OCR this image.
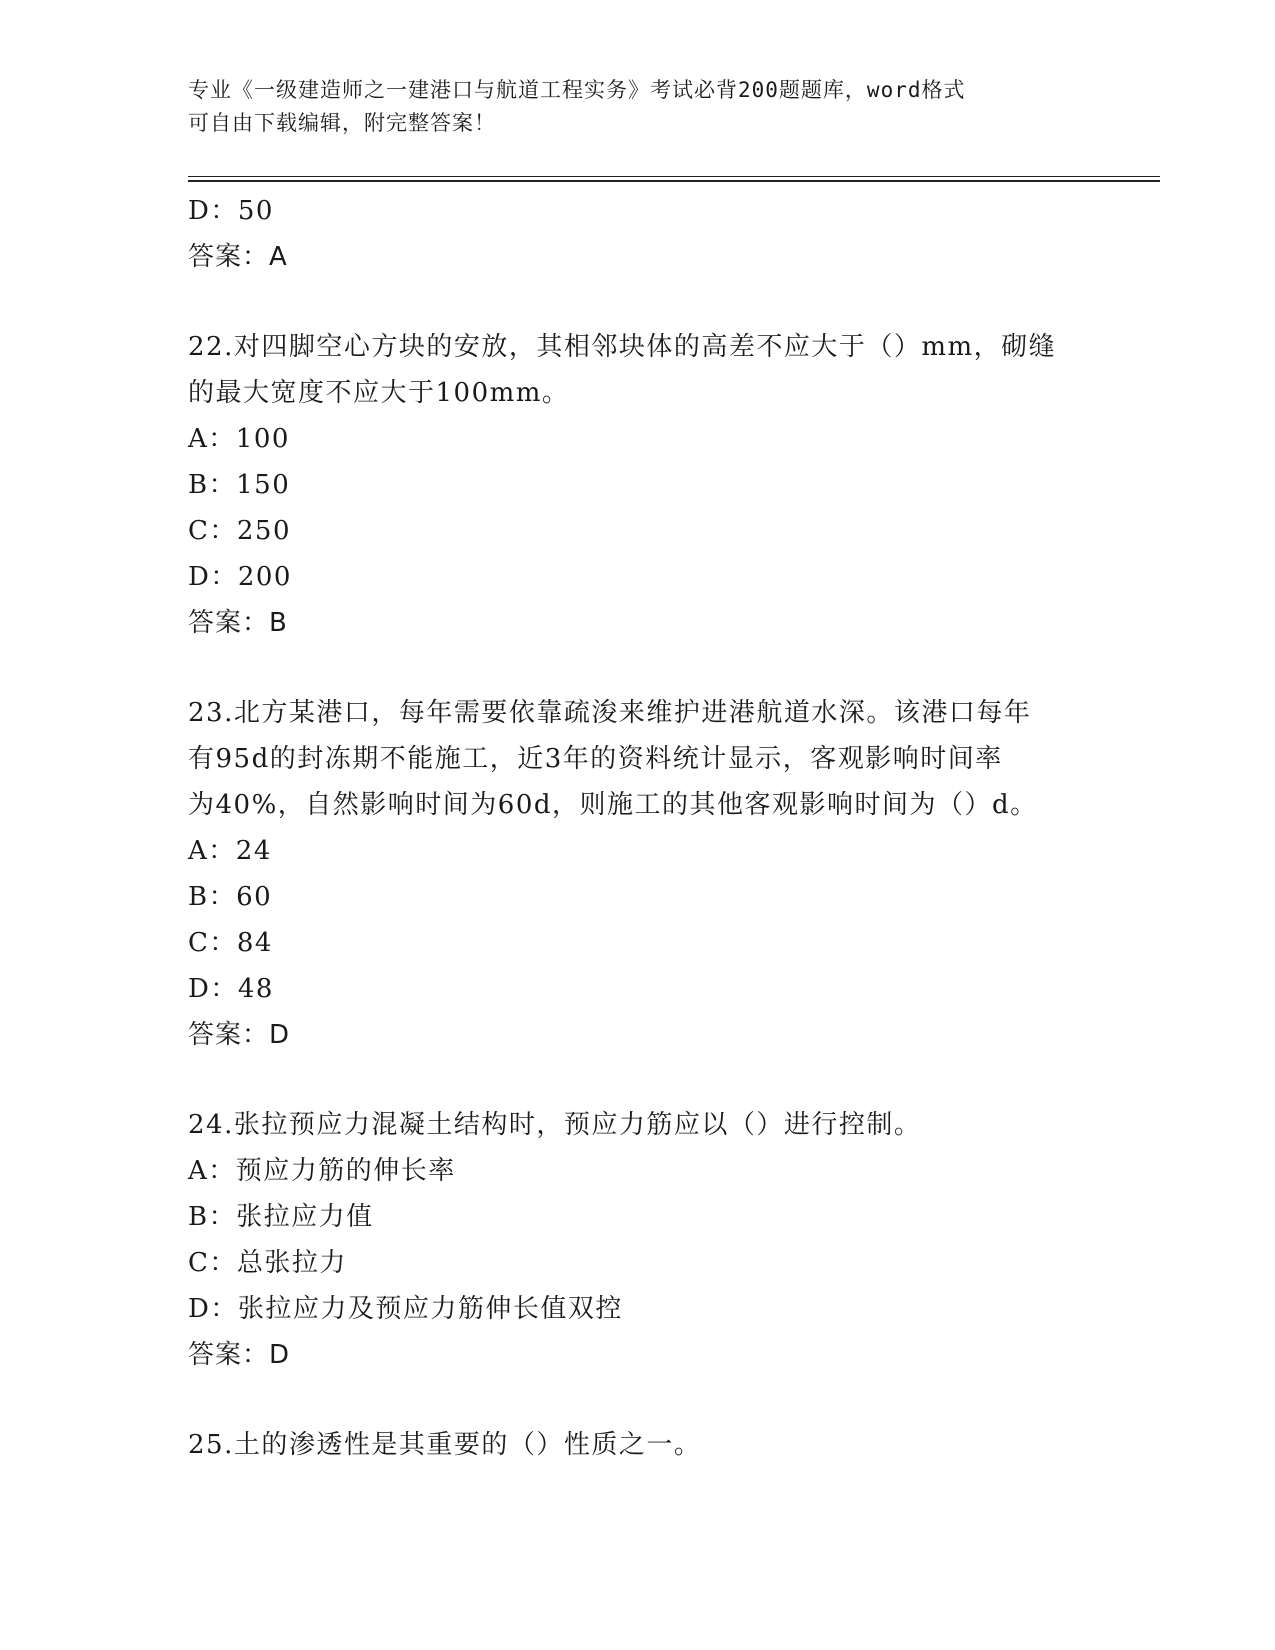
专业《一级建造师之一建港口与航道工程实务》考试必背200题题库，word格式
可自由下载编辑，附完整答案！
D：50
答案：A
22.对四脚空心方块的安放，其相邻块体的高差不应大于（）mm，砌缝
的最大宽度不应大于100mm。
A：100
B：150
C：250
D：200
答案：B
23.北方某港口，每年需要依靠疏浚来维护进港航道水深。该港口每年
有95d的封冻期不能施工，近3年的资料统计显示，客观影响时间率
为40%，自然影响时间为60d，则施工的其他客观影响时间为（）d。
A：24
B：60
C：84
D：48
答案：D
24.张拉预应力混凝土结构时，预应力筋应以（）进行控制。
A：预应力筋的伸长率
B：张拉应力值
C：总张拉力
D：张拉应力及预应力筋伸长值双控
答案：D
25.土的渗透性是其重要的（）性质之一。
